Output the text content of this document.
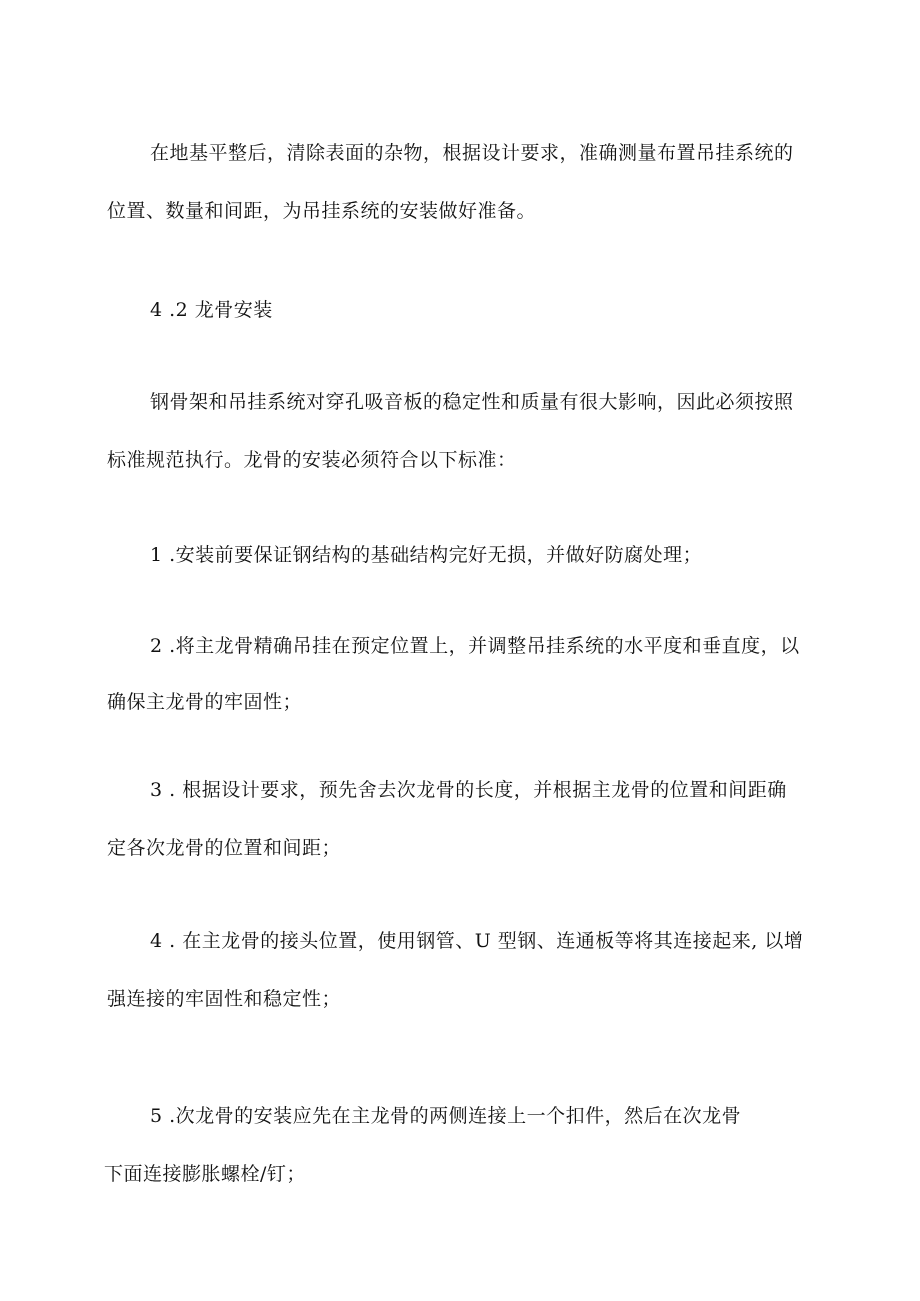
在地基平整后，清除表面的杂物，根据设计要求，准确测量布置吊挂系统的
位置、数量和间距，为吊挂系统的安装做好准备。
4 .2 龙骨安装
钢骨架和吊挂系统对穿孔吸音板的稳定性和质量有很大影响，因此必须按照
标准规范执行。龙骨的安装必须符合以下标准：
1 .安装前要保证钢结构的基础结构完好无损，并做好防腐处理；
2 .将主龙骨精确吊挂在预定位置上，并调整吊挂系统的水平度和垂直度，以
确保主龙骨的牢固性；
3 . 根据设计要求，预先舍去次龙骨的长度，并根据主龙骨的位置和间距确
定各次龙骨的位置和间距；
4 . 在主龙骨的接头位置，使用钢管、U 型钢、连通板等将其连接起来, 以增
强连接的牢固性和稳定性；
5 .次龙骨的安装应先在主龙骨的两侧连接上一个扣件，然后在次龙骨
下面连接膨胀螺栓/钉；
